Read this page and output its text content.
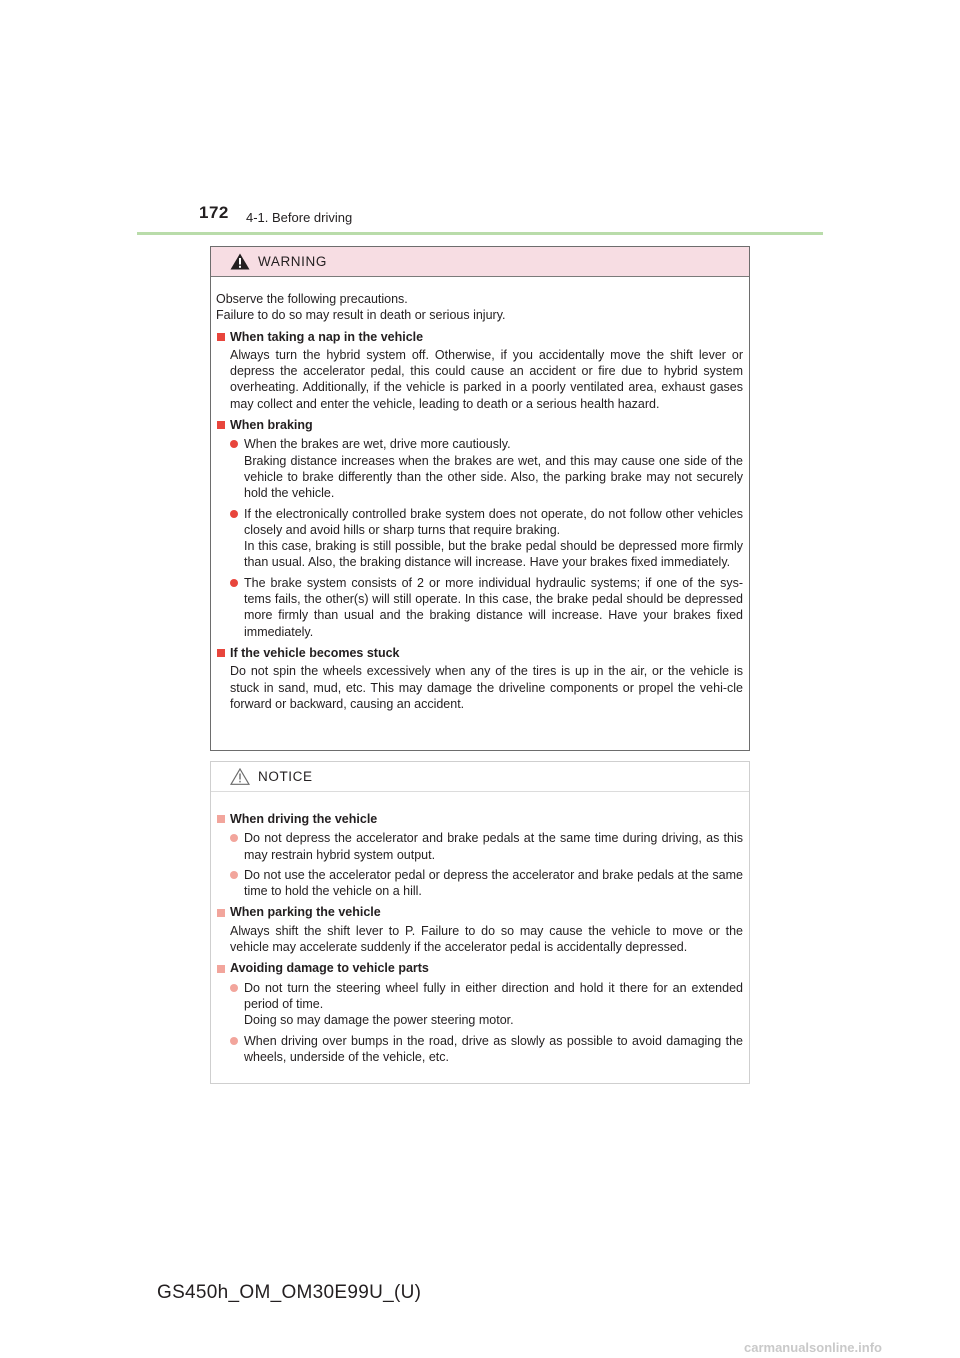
172 4-1. Before driving
WARNING
Observe the following precautions.
Failure to do so may result in death or serious injury.
When taking a nap in the vehicle
Always turn the hybrid system off. Otherwise, if you accidentally move the shift lever or depress the accelerator pedal, this could cause an accident or fire due to hybrid system overheating. Additionally, if the vehicle is parked in a poorly ventilated area, exhaust gases may collect and enter the vehicle, leading to death or a serious health hazard.
When braking
When the brakes are wet, drive more cautiously.
Braking distance increases when the brakes are wet, and this may cause one side of the vehicle to brake differently than the other side. Also, the parking brake may not securely hold the vehicle.
If the electronically controlled brake system does not operate, do not follow other vehicles closely and avoid hills or sharp turns that require braking.
In this case, braking is still possible, but the brake pedal should be depressed more firmly than usual. Also, the braking distance will increase. Have your brakes fixed immediately.
The brake system consists of 2 or more individual hydraulic systems; if one of the sys-tems fails, the other(s) will still operate. In this case, the brake pedal should be depressed more firmly than usual and the braking distance will increase. Have your brakes fixed immediately.
If the vehicle becomes stuck
Do not spin the wheels excessively when any of the tires is up in the air, or the vehicle is stuck in sand, mud, etc. This may damage the driveline components or propel the vehi-cle forward or backward, causing an accident.
NOTICE
When driving the vehicle
Do not depress the accelerator and brake pedals at the same time during driving, as this may restrain hybrid system output.
Do not use the accelerator pedal or depress the accelerator and brake pedals at the same time to hold the vehicle on a hill.
When parking the vehicle
Always shift the shift lever to P. Failure to do so may cause the vehicle to move or the vehicle may accelerate suddenly if the accelerator pedal is accidentally depressed.
Avoiding damage to vehicle parts
Do not turn the steering wheel fully in either direction and hold it there for an extended period of time.
Doing so may damage the power steering motor.
When driving over bumps in the road, drive as slowly as possible to avoid damaging the wheels, underside of the vehicle, etc.
GS450h_OM_OM30E99U_(U)
carmanualsonline.info
